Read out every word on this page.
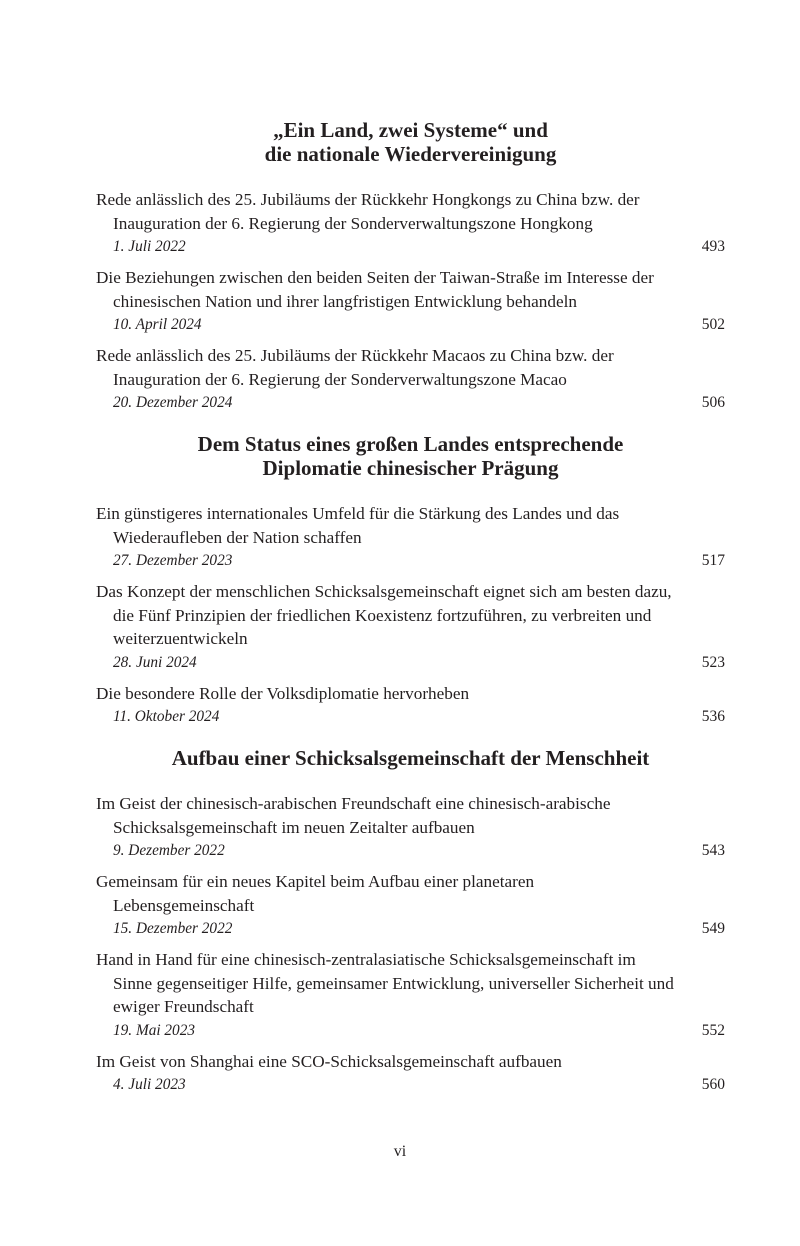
„Ein Land, zwei Systeme“ und

die nationale Wiedervereinigung

Rede anlässlich des 25. Jubiläums der Rückkehr Hongkongs zu China bzw. der Inauguration der 6. Regierung der Sonderverwaltungszone Hongkong

1. Juli 2022	493

Die Beziehungen zwischen den beiden Seiten der Taiwan-Straße im Interesse der chinesischen Nation und ihrer langfristigen Entwicklung behandeln

10. April 2024	502

Rede anlässlich des 25. Jubiläums der Rückkehr Macaos zu China bzw. der Inauguration der 6. Regierung der Sonderverwaltungszone Macao

20. Dezember 2024	506

Dem Status eines großen Landes entsprechende

Diplomatie chinesischer Prägung

Ein günstigeres internationales Umfeld für die Stärkung des Landes und das Wiederaufleben der Nation schaffen

27. Dezember 2023	517

Das Konzept der menschlichen Schicksalsgemeinschaft eignet sich am besten dazu, die Fünf Prinzipien der friedlichen Koexistenz fortzuführen, zu verbreiten und weiterzuentwickeln

28. Juni 2024	523

Die besondere Rolle der Volksdiplomatie hervorheben

11. Oktober 2024	536

Aufbau einer Schicksalsgemeinschaft der Menschheit

Im Geist der chinesisch-arabischen Freundschaft eine chinesisch-arabische Schicksalsgemeinschaft im neuen Zeitalter aufbauen

9. Dezember 2022	543

Gemeinsam für ein neues Kapitel beim Aufbau einer planetaren Lebensgemeinschaft

15. Dezember 2022	549

Hand in Hand für eine chinesisch-zentralasiatische Schicksalsgemeinschaft im Sinne gegenseitiger Hilfe, gemeinsamer Entwicklung, universeller Sicherheit und ewiger Freundschaft

19. Mai 2023	552

Im Geist von Shanghai eine SCO-Schicksalsgemeinschaft aufbauen

4. Juli 2023	560
vi
